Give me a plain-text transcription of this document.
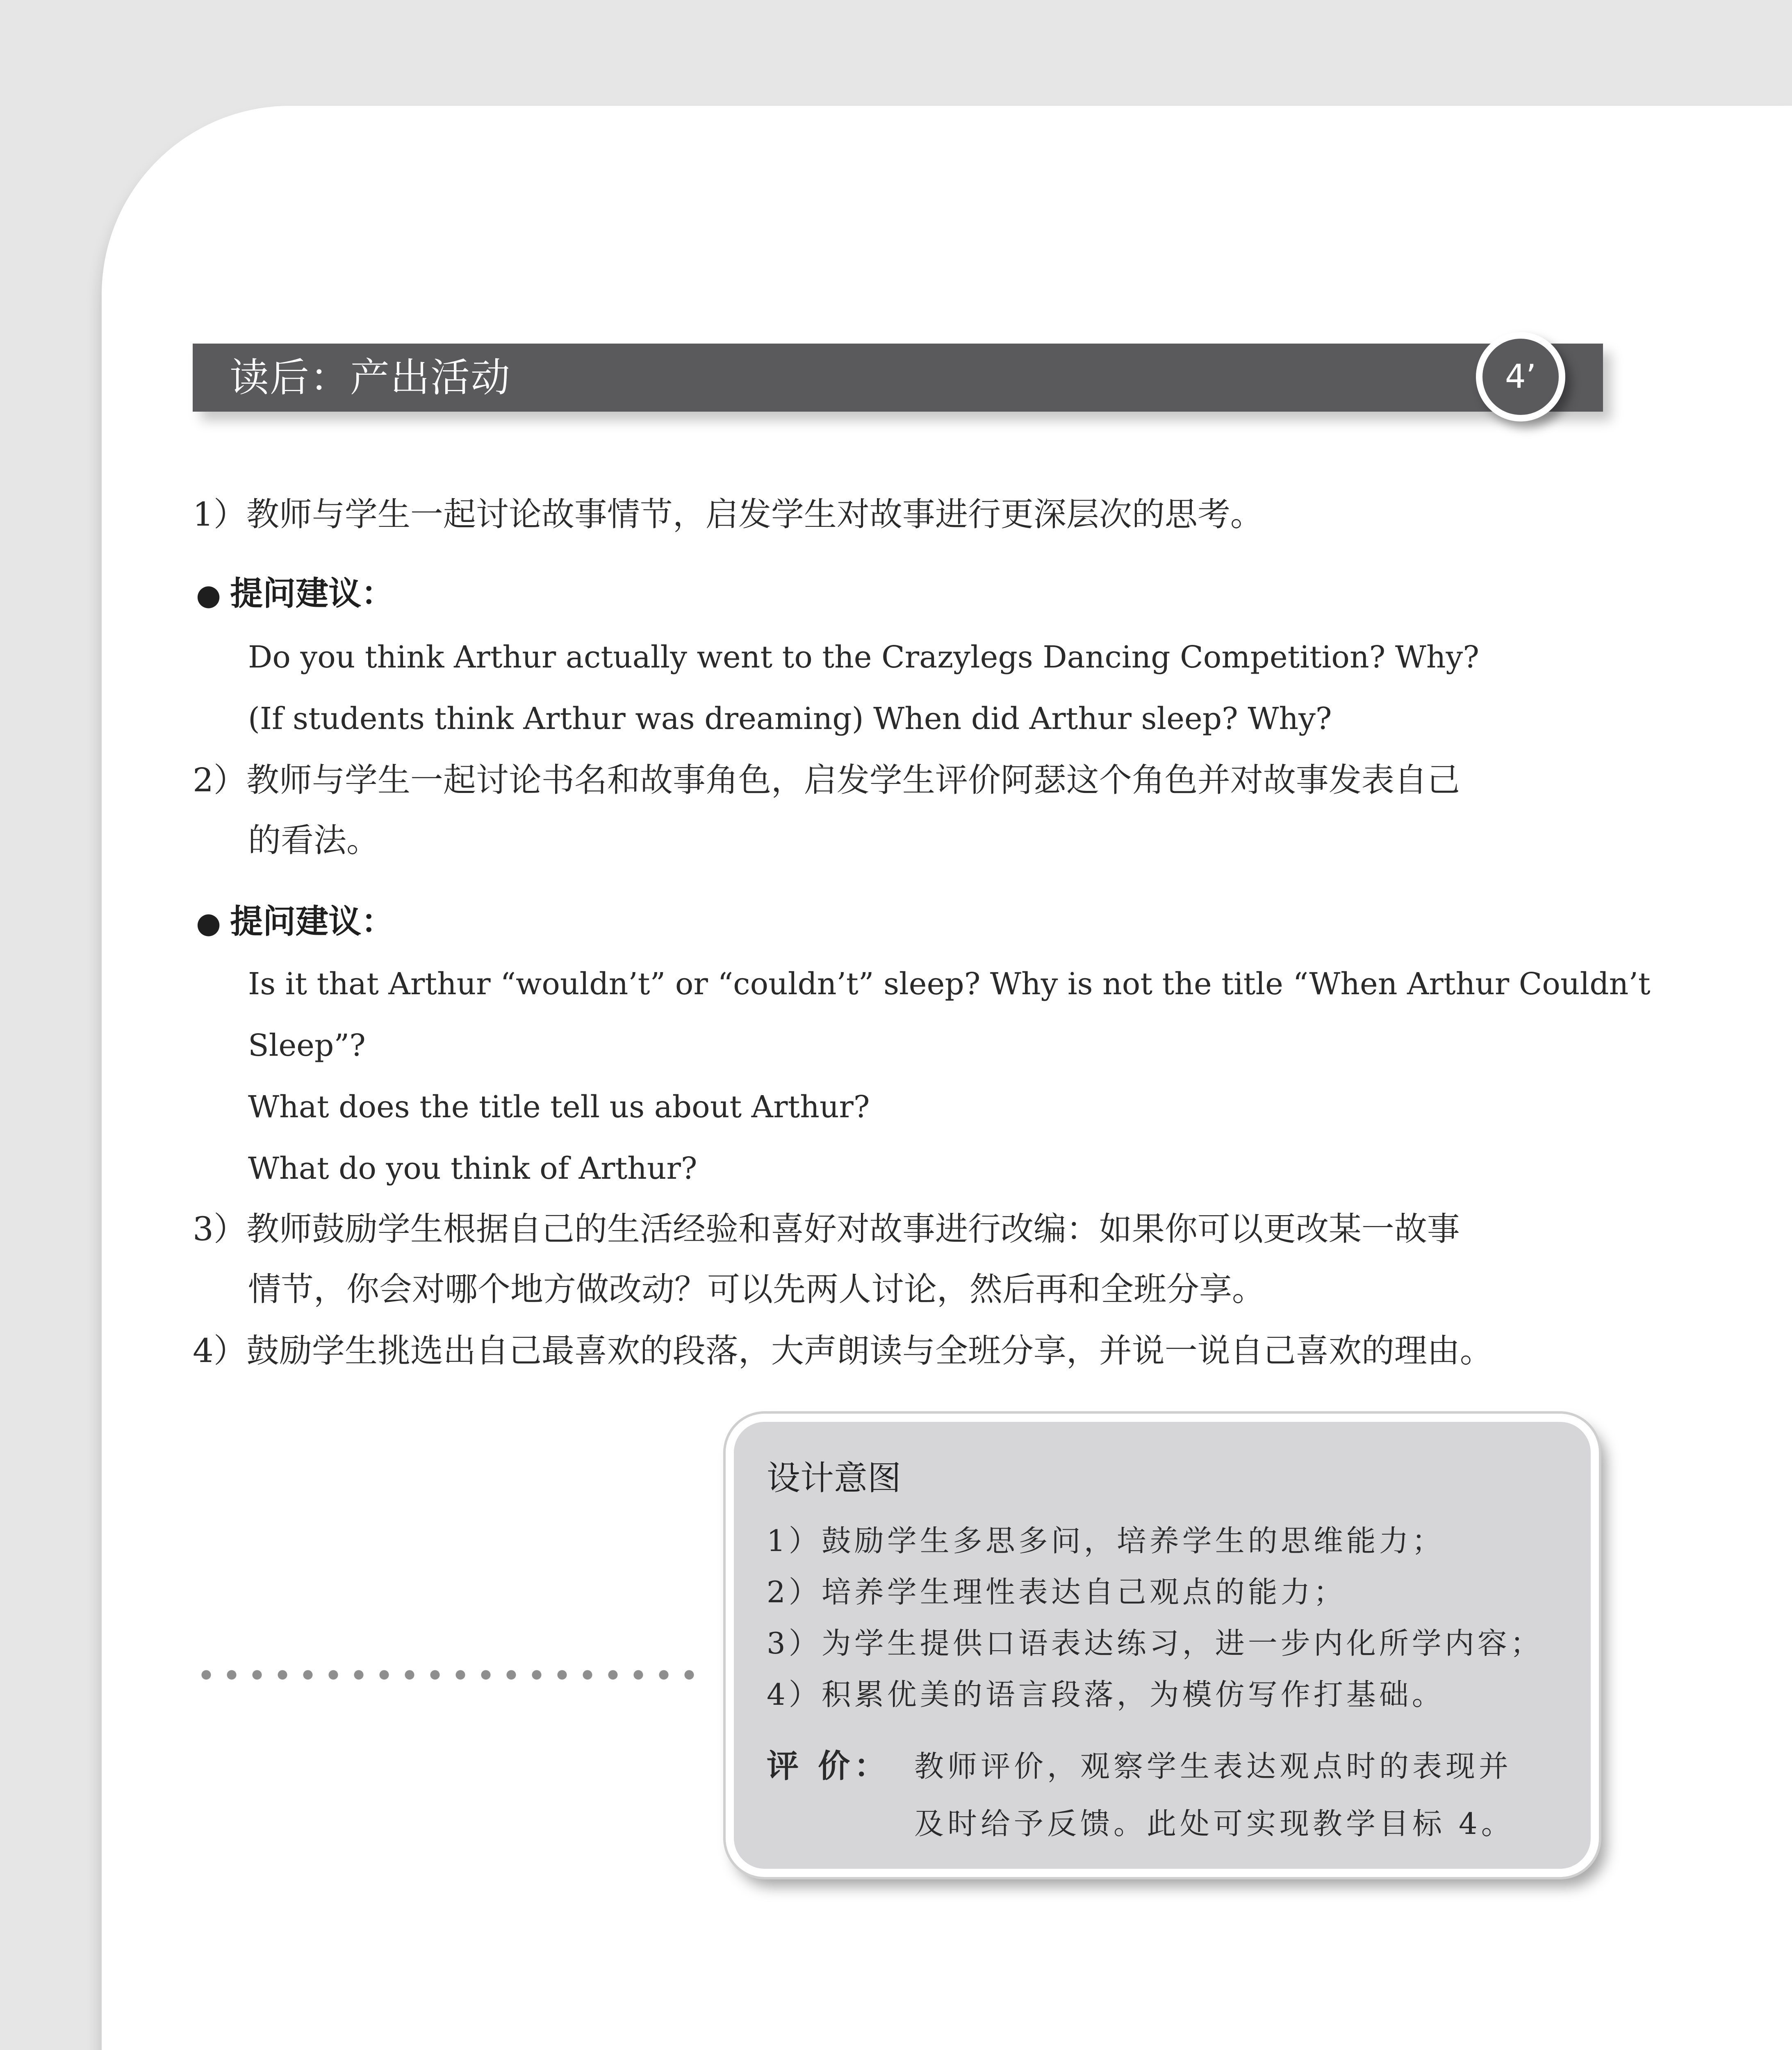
读后：产出活动	4’
1）教师与学生一起讨论故事情节，启发学生对故事进行更深层次的思考。
● 提问建议：
Do you think Arthur actually went to the Crazylegs Dancing Competition? Why?
(If students think Arthur was dreaming) When did Arthur sleep? Why?
2）教师与学生一起讨论书名和故事角色，启发学生评价阿瑟这个角色并对故事发表自己
的看法。
● 提问建议：
Is it that Arthur “wouldn’t” or “couldn’t” sleep? Why is not the title “When Arthur Couldn’t
Sleep”?
What does the title tell us about Arthur?
What do you think of Arthur?
3）教师鼓励学生根据自己的生活经验和喜好对故事进行改编：如果你可以更改某一故事
情节，你会对哪个地方做改动？可以先两人讨论，然后再和全班分享。
4）鼓励学生挑选出自己最喜欢的段落，大声朗读与全班分享，并说一说自己喜欢的理由。
设计意图
1）鼓励学生多思多问，培养学生的思维能力；
2）培养学生理性表达自己观点的能力；
3）为学生提供口语表达练习，进一步内化所学内容；
4）积累优美的语言段落，为模仿写作打基础。
评 价： 教师评价，观察学生表达观点时的表现并
及时给予反馈。此处可实现教学目标 4。
